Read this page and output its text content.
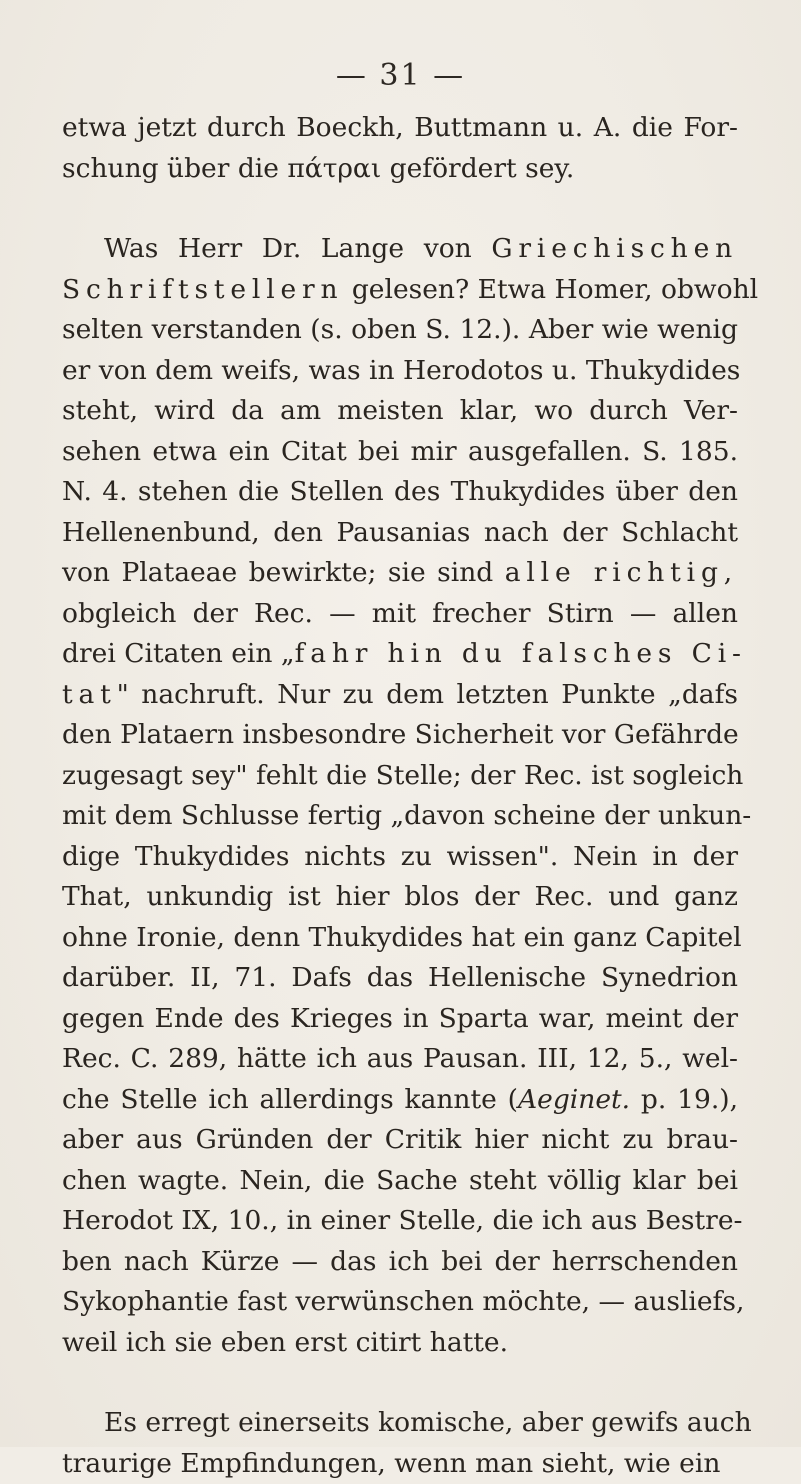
— 31 —
etwa jetzt durch Boeckh, Buttmann u. A. die For-
schung über die πάτραι gefördert sey.
Was Herr Dr. Lange von Griechischen
Schriftstellern gelesen? Etwa Homer, obwohl
selten verstanden (s. oben S. 12.). Aber wie wenig
er von dem weifs, was in Herodotos u. Thukydides
steht, wird da am meisten klar, wo durch Ver-
sehen etwa ein Citat bei mir ausgefallen. S. 185.
N. 4. stehen die Stellen des Thukydides über den
Hellenenbund, den Pausanias nach der Schlacht
von Plataeae bewirkte; sie sind alle richtig,
obgleich der Rec. — mit frecher Stirn — allen
drei Citaten ein „fahr hin du falsches Ci-
tat" nachruft. Nur zu dem letzten Punkte „dafs
den Plataern insbesondre Sicherheit vor Gefährde
zugesagt sey" fehlt die Stelle; der Rec. ist sogleich
mit dem Schlusse fertig „davon scheine der unkun-
dige Thukydides nichts zu wissen". Nein in der
That, unkundig ist hier blos der Rec. und ganz
ohne Ironie, denn Thukydides hat ein ganz Capitel
darüber. II, 71. Dafs das Hellenische Synedrion
gegen Ende des Krieges in Sparta war, meint der
Rec. C. 289, hätte ich aus Pausan. III, 12, 5., wel-
che Stelle ich allerdings kannte (Aeginet. p. 19.),
aber aus Gründen der Critik hier nicht zu brau-
chen wagte. Nein, die Sache steht völlig klar bei
Herodot IX, 10., in einer Stelle, die ich aus Bestre-
ben nach Kürze — das ich bei der herrschenden
Sykophantie fast verwünschen möchte, — ausliefs,
weil ich sie eben erst citirt hatte.
Es erregt einerseits komische, aber gewifs auch
traurige Empfindungen, wenn man sieht, wie ein
